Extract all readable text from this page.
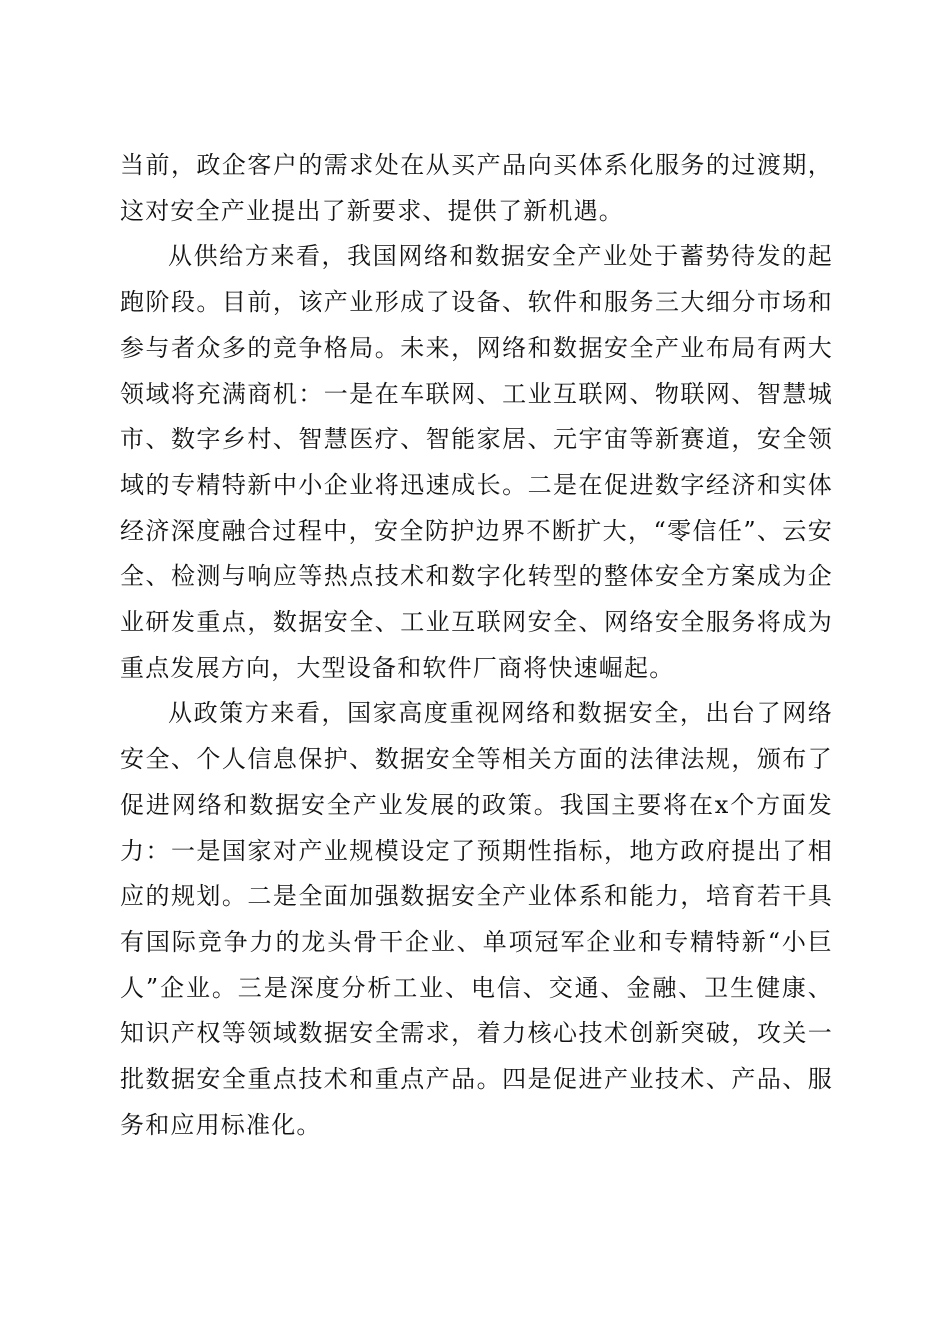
当前，政企客户的需求处在从买产品向买体系化服务的过渡期，这对安全产业提出了新要求、提供了新机遇。

从供给方来看，我国网络和数据安全产业处于蓄势待发的起跑阶段。目前，该产业形成了设备、软件和服务三大细分市场和参与者众多的竞争格局。未来，网络和数据安全产业布局有两大领域将充满商机：一是在车联网、工业互联网、物联网、智慧城市、数字乡村、智慧医疗、智能家居、元宇宙等新赛道，安全领域的专精特新中小企业将迅速成长。二是在促进数字经济和实体经济深度融合过程中，安全防护边界不断扩大，“零信任”、云安全、检测与响应等热点技术和数字化转型的整体安全方案成为企业研发重点，数据安全、工业互联网安全、网络安全服务将成为重点发展方向，大型设备和软件厂商将快速崛起。

从政策方来看，国家高度重视网络和数据安全，出台了网络安全、个人信息保护、数据安全等相关方面的法律法规，颁布了促进网络和数据安全产业发展的政策。我国主要将在x个方面发力：一是国家对产业规模设定了预期性指标，地方政府提出了相应的规划。二是全面加强数据安全产业体系和能力，培育若干具有国际竞争力的龙头骨干企业、单项冠军企业和专精特新“小巨人”企业。三是深度分析工业、电信、交通、金融、卫生健康、知识产权等领域数据安全需求，着力核心技术创新突破，攻关一批数据安全重点技术和重点产品。四是促进产业技术、产品、服务和应用标准化。
